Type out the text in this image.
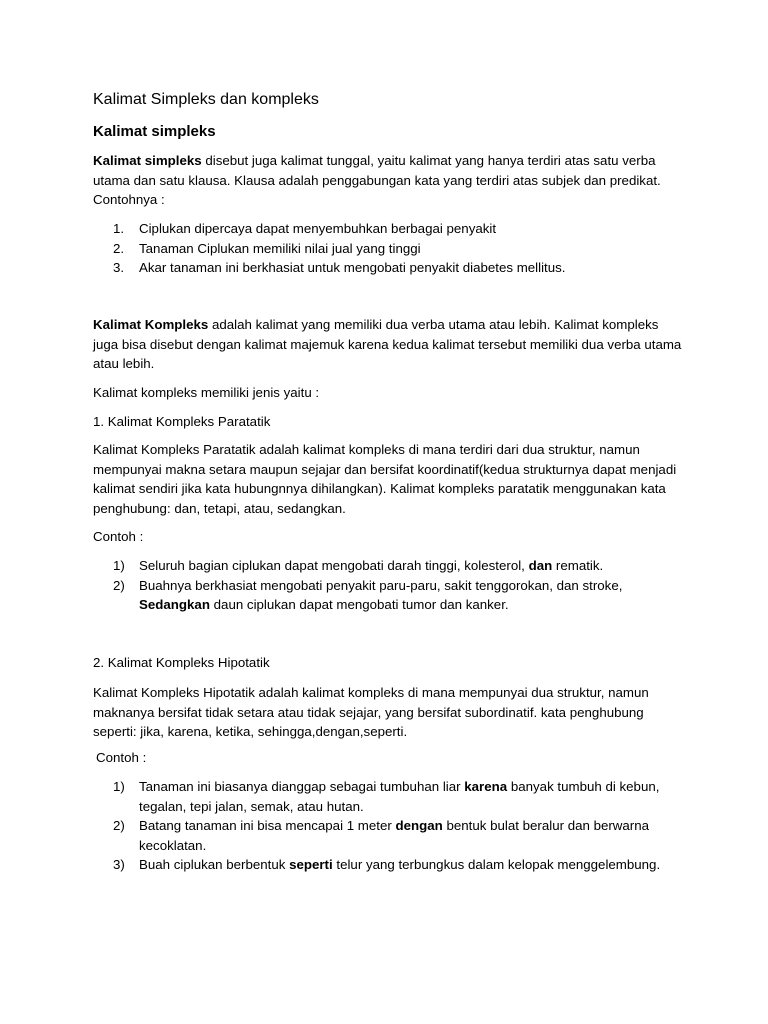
Kalimat Simpleks dan kompleks
Kalimat simpleks

Kalimat simpleks disebut juga kalimat tunggal, yaitu kalimat yang hanya terdiri atas satu verba utama dan satu klausa. Klausa adalah penggabungan kata yang terdiri atas subjek dan predikat. Contohnya :

1. Ciplukan dipercaya dapat menyembuhkan berbagai penyakit
2. Tanaman Ciplukan memiliki nilai jual yang tinggi
3. Akar tanaman ini berkhasiat untuk mengobati penyakit diabetes mellitus.

Kalimat Kompleks adalah kalimat yang memiliki dua verba utama atau lebih. Kalimat kompleks juga bisa disebut dengan kalimat majemuk karena kedua kalimat tersebut memiliki dua verba utama atau lebih.

Kalimat kompleks memiliki jenis yaitu :

1. Kalimat Kompleks Paratatik

Kalimat Kompleks Paratatik adalah kalimat kompleks di mana terdiri dari dua struktur, namun mempunyai makna setara maupun sejajar dan bersifat koordinatif(kedua strukturnya dapat menjadi kalimat sendiri jika kata hubungnnya dihilangkan). Kalimat kompleks paratatik menggunakan kata penghubung: dan, tetapi, atau, sedangkan.

Contoh :

1) Seluruh bagian ciplukan dapat mengobati darah tinggi, kolesterol, dan rematik.
2) Buahnya berkhasiat mengobati penyakit paru-paru, sakit tenggorokan, dan stroke, Sedangkan daun ciplukan dapat mengobati tumor dan kanker.

2. Kalimat Kompleks Hipotatik

Kalimat Kompleks Hipotatik adalah kalimat kompleks di mana mempunyai dua struktur, namun maknanya bersifat tidak setara atau tidak sejajar, yang bersifat subordinatif. kata penghubung seperti: jika, karena, ketika, sehingga,dengan,seperti.

Contoh :

1) Tanaman ini biasanya dianggap sebagai tumbuhan liar karena banyak tumbuh di kebun, tegalan, tepi jalan, semak, atau hutan.
2) Batang tanaman ini bisa mencapai 1 meter dengan bentuk bulat beralur dan berwarna kecoklatan.
3) Buah ciplukan berbentuk seperti telur yang terbungkus dalam kelopak menggelembung.
